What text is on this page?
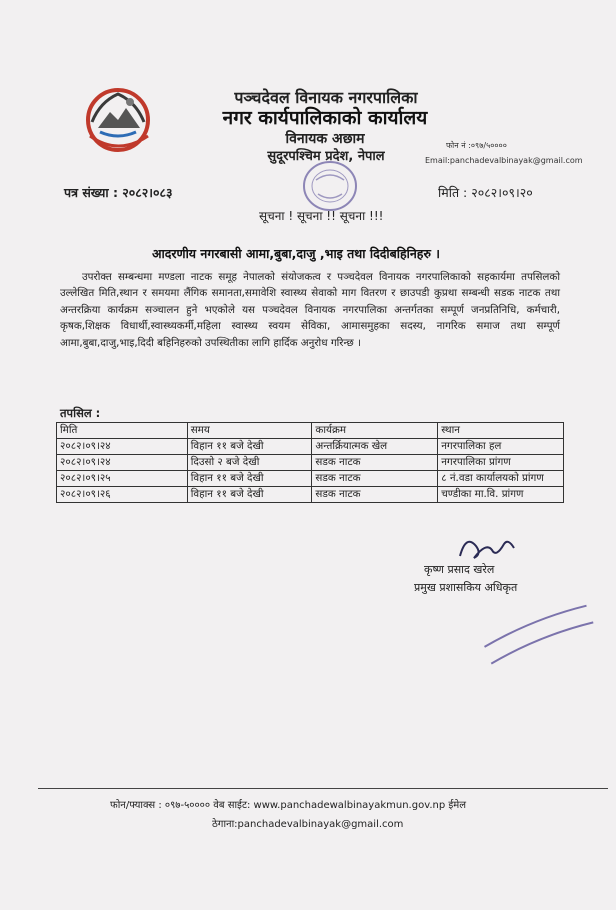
पञ्चदेवल विनायक नगरपालिका
नगर कार्यपालिकाको कार्यालय
विनायक अछाम
सुदूरपश्चिम प्रदेश, नेपाल
फोन नं :०९७/५००००
Email:panchadevalbinayak@gmail.com
पत्र संख्या : २०८२।०८३	मिति : २०८२।०९।२०
सूचना ! सूचना !! सूचना !!!
आदरणीय नगरबासी आमा,बुबा,दाजु ,भाइ तथा दिदीबहिनिहरु ।
उपरोक्त सम्बन्धमा मण्डला नाटक समूह नेपालको संयोजकत्व र पञ्चदेवल विनायक नगरपालिकाको सहकार्यमा तपसिलको उल्लेखित मिति,स्थान र समयमा लैंगिक समानता,समावेशि स्वास्थ्य सेवाको माग वितरण र छाउपडी कुप्रथा सम्बन्धी सडक नाटक तथा अन्तरक्रिया कार्यक्रम सञ्चालन हुने भएकोले यस पञ्चदेवल विनायक नगरपालिका अन्तर्गतका सम्पूर्ण जनप्रतिनिधि, कर्मचारी, कृषक,शिक्षक विधार्थी,स्वास्थ्यकर्मी,महिला स्वास्थ्य स्वयम सेविका, आमासमुहका सदस्य, नागरिक समाज तथा सम्पूर्ण आमा,बुबा,दाजु,भाइ,दिदी बहिनिहरुको उपस्थितीका लागि हार्दिक अनुरोध गरिन्छ ।
तपसिल :
मिति	समय	कार्यक्रम	स्थान
२०८२।०९।२४	विहान ११ बजे देखी	अन्तर्क्रियात्मक खेल	नगरपालिका हल
२०८२।०९।२४	दिउसो २ बजे देखी	सडक नाटक	नगरपालिका प्रांगण
२०८२।०९।२५	विहान ११ बजे देखी	सडक नाटक	८ नं.वडा कार्यालयको प्रांगण
२०८२।०९।२६	विहान ११ बजे देखी	सडक नाटक	चण्डीका मा.वि. प्रांगण
कृष्ण प्रसाद खरेल
प्रमुख प्रशासकिय अधिकृत
फोन/फ्याक्स : ०९७-५०००० वेब साईट: www.panchadewalbinayakmun.gov.np ईमेल
ठेगाना:panchadevalbinayak@gmail.com
